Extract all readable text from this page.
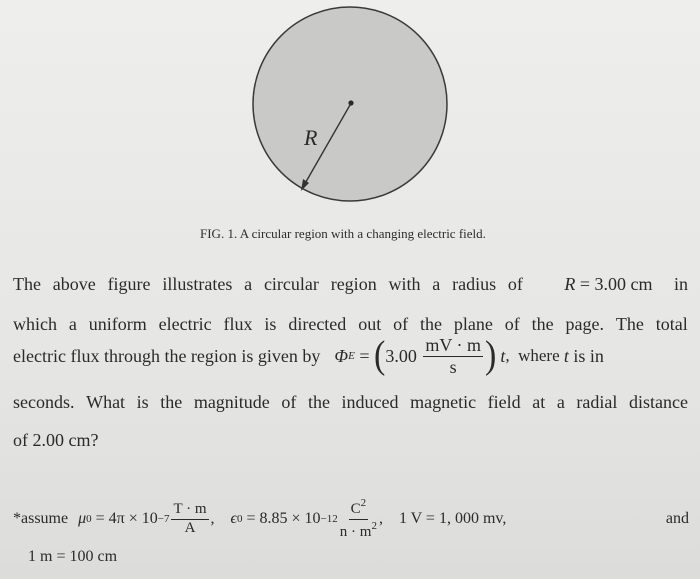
R
FIG. 1. A circular region with a changing electric field.
The above figure illustrates a circular region with a radius of R = 3.00 cm in
which a uniform electric flux is directed out of the plane of the page. The total
electric flux through the region is given by Φ E = ( $3.00 \frac{mV \cdot m}{s}$ ) t ,  where t is in
seconds. What is the magnitude of the induced magnetic field at a radial distance
of 2.00 cm?
*assume μ $0 = 4\pi \times 10 -7 \frac{T \cdot m}{A}$ , ϵ $0 = 8.85 \times 10 -12 \frac{C^2}{n \cdot m^2}$ , 1 V = 1, 000 mv,	and
1 m = 100 cm
